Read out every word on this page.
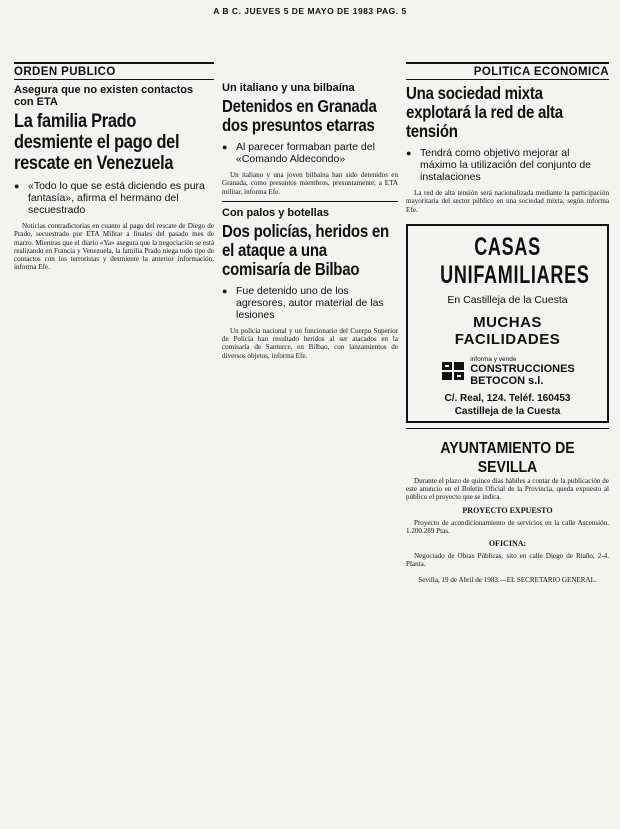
A B C. JUEVES 5 DE MAYO DE 1983 PAG. 5
ORDEN PUBLICO
Asegura que no existen contactos con ETA
La familia Prado desmiente el pago del rescate en Venezuela
● «Todo lo que se está diciendo es pura fantasía», afirma el hermano del secuestrado

Noticias contradictorias en cuanto al pago del rescate de Diego de Prado, secuestrado por ETA Militar a finales del pasado mes de marzo. Mientras que el diario «Ya» asegura que la negociación se está realizando en Francia y Venezuela, la familia Prado niega todo tipo de contactos con los terroristas y desmiente la anterior información, informa Efe.

Un italiano y una bilbaína
Detenidos en Granada dos presuntos etarras
● Al parecer formaban parte del «Comando Aldecondo»

Un italiano y una joven bilbaína han sido detenidos en Granada, como presuntos miembros, presuntamente, a ETA militar, informa Efe.

Con palos y botellas
Dos policías, heridos en el ataque a una comisaría de Bilbao
● Fue detenido uno de los agresores, autor material de las lesiones

Un policía nacional y un funcionario del Cuerpo Superior de Policía han resultado heridos al ser atacados en la comisaría de Santurce, en Bilbao, con lanzamientos de diversos objetos, informa Efe.

POLITICA ECONOMICA
Una sociedad mixta explotará la red de alta tensión
● Tendrá como objetivo mejorar al máximo la utilización del conjunto de instalaciones

La red de alta tensión será nacionalizada mediante la participación mayoritaria del sector público en una sociedad mixta, según informa Efe.

CASAS
UNIFAMILIARES
En Castilleja de la Cuesta
MUCHAS
FACILIDADES
informa y vende
CONSTRUCCIONES
BETOCON s.l.
C/. Real, 124. Teléf. 160453
Castilleja de la Cuesta
AYUNTAMIENTO DE
SEVILLA

Durante el plazo de quince días hábiles a contar de la publicación de este anuncio en el Boletín Oficial de la Provincia, queda expuesto al público el proyecto que se indica.

PROYECTO EXPUESTO

Proyecto de acondicionamiento de servicios en la calle Ascensión. 1.200.289 Ptas.

OFICINA:

Negociado de Obras Públicas, sito en calle Diego de Riaño, 2-4. Planta.

Sevilla, 19 de Abril de 1983.—EL SECRETARIO GENERAL.
